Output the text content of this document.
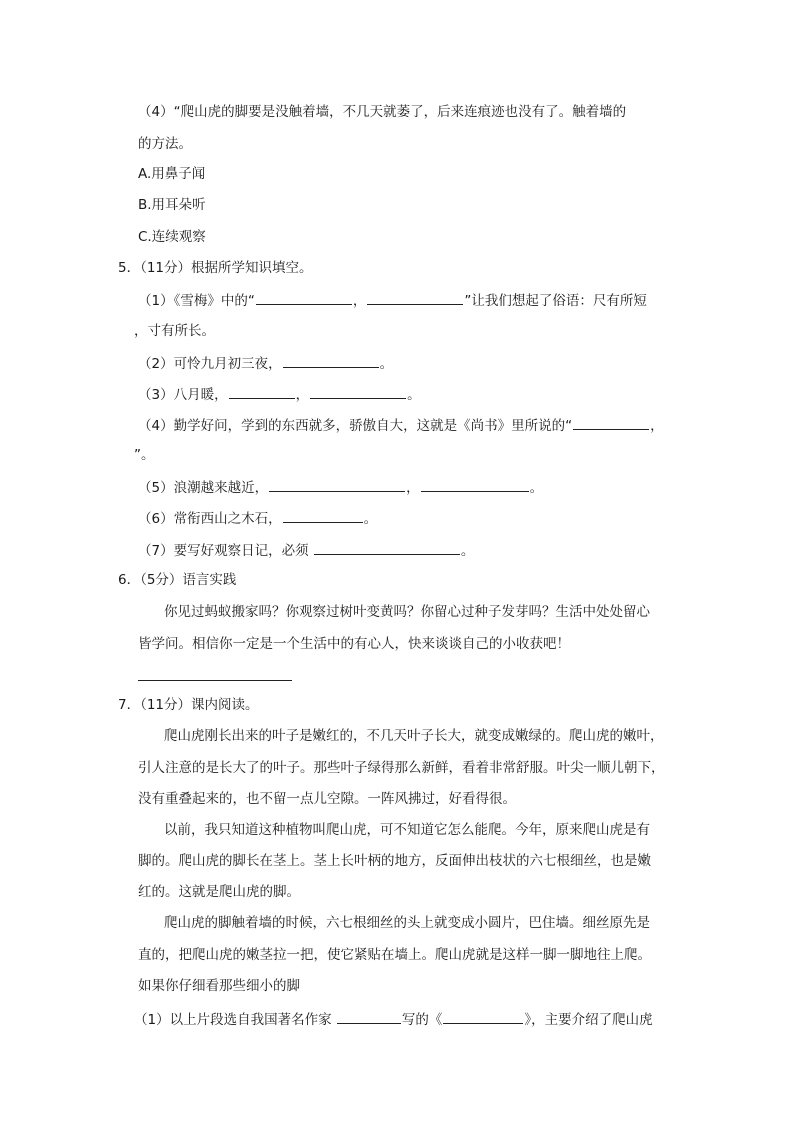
（4）“爬山虎的脚要是没触着墙，不几天就萎了，后来连痕迹也没有了。触着墙的
的方法。
A.用鼻子闻
B.用耳朵听
C.连续观察
5．（11分）根据所学知识填空。
（1）《雪梅》中的“	，	”让我们想起了俗语：尺有所短
，寸有所长。
（2）可怜九月初三夜，	。
（3）八月暖，	，	。
（4）勤学好问，学到的东西就多，骄傲自大，这就是《尚书》里所说的“	，
”。
（5）浪潮越来越近，	，	。
（6）常衔西山之木石，	。
（7）要写好观察日记，必须	。
6．（5分）语言实践
你见过蚂蚁搬家吗？你观察过树叶变黄吗？你留心过种子发芽吗？生活中处处留心
皆学问。相信你一定是一个生活中的有心人，快来谈谈自己的小收获吧！
7．（11分）课内阅读。
爬山虎刚长出来的叶子是嫩红的，不几天叶子长大，就变成嫩绿的。爬山虎的嫩叶，
引人注意的是长大了的叶子。那些叶子绿得那么新鲜，看着非常舒服。叶尖一顺儿朝下，
没有重叠起来的，也不留一点儿空隙。一阵风拂过，好看得很。
以前，我只知道这种植物叫爬山虎，可不知道它怎么能爬。今年，原来爬山虎是有
脚的。爬山虎的脚长在茎上。茎上长叶柄的地方，反面伸出枝状的六七根细丝，也是嫩
红的。这就是爬山虎的脚。
爬山虎的脚触着墙的时候，六七根细丝的头上就变成小圆片，巴住墙。细丝原先是
直的，把爬山虎的嫩茎拉一把，使它紧贴在墙上。爬山虎就是这样一脚一脚地往上爬。
如果你仔细看那些细小的脚
（1）以上片段选自我国著名作家	写的《	》，主要介绍了爬山虎
